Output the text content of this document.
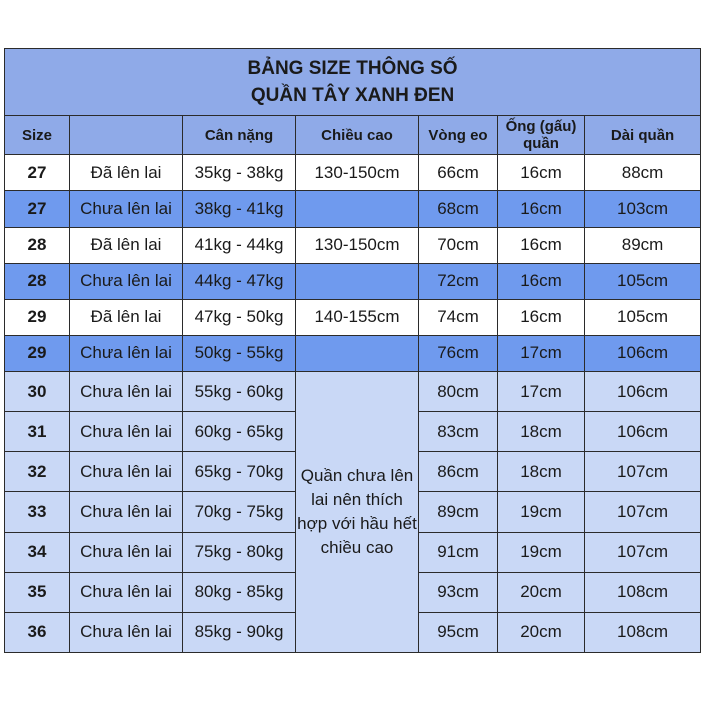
BẢNG SIZE THÔNG SỐ
QUẦN TÂY XANH ĐEN						

Size		Cân nặng	Chiều cao	Vòng eo	Ống (gấu) quần	Dài quần
27	Đã lên lai	35kg - 38kg	130-150cm	66cm	16cm	88cm
27	Chưa lên lai	38kg - 41kg		68cm	16cm	103cm
28	Đã lên lai	41kg - 44kg	130-150cm	70cm	16cm	89cm
28	Chưa lên lai	44kg - 47kg		72cm	16cm	105cm
29	Đã lên lai	47kg - 50kg	140-155cm	74cm	16cm	105cm
29	Chưa lên lai	50kg - 55kg		76cm	17cm	106cm
30	Chưa lên lai	55kg - 60kg	Quần chưa lên lai nên thích hợp với hầu hết chiều cao	80cm	17cm	106cm
31	Chưa lên lai	60kg - 65kg		83cm	18cm	106cm
32	Chưa lên lai	65kg - 70kg		86cm	18cm	107cm
33	Chưa lên lai	70kg - 75kg		89cm	19cm	107cm
34	Chưa lên lai	75kg - 80kg		91cm	19cm	107cm
35	Chưa lên lai	80kg - 85kg		93cm	20cm	108cm
36	Chưa lên lai	85kg - 90kg		95cm	20cm	108cm
